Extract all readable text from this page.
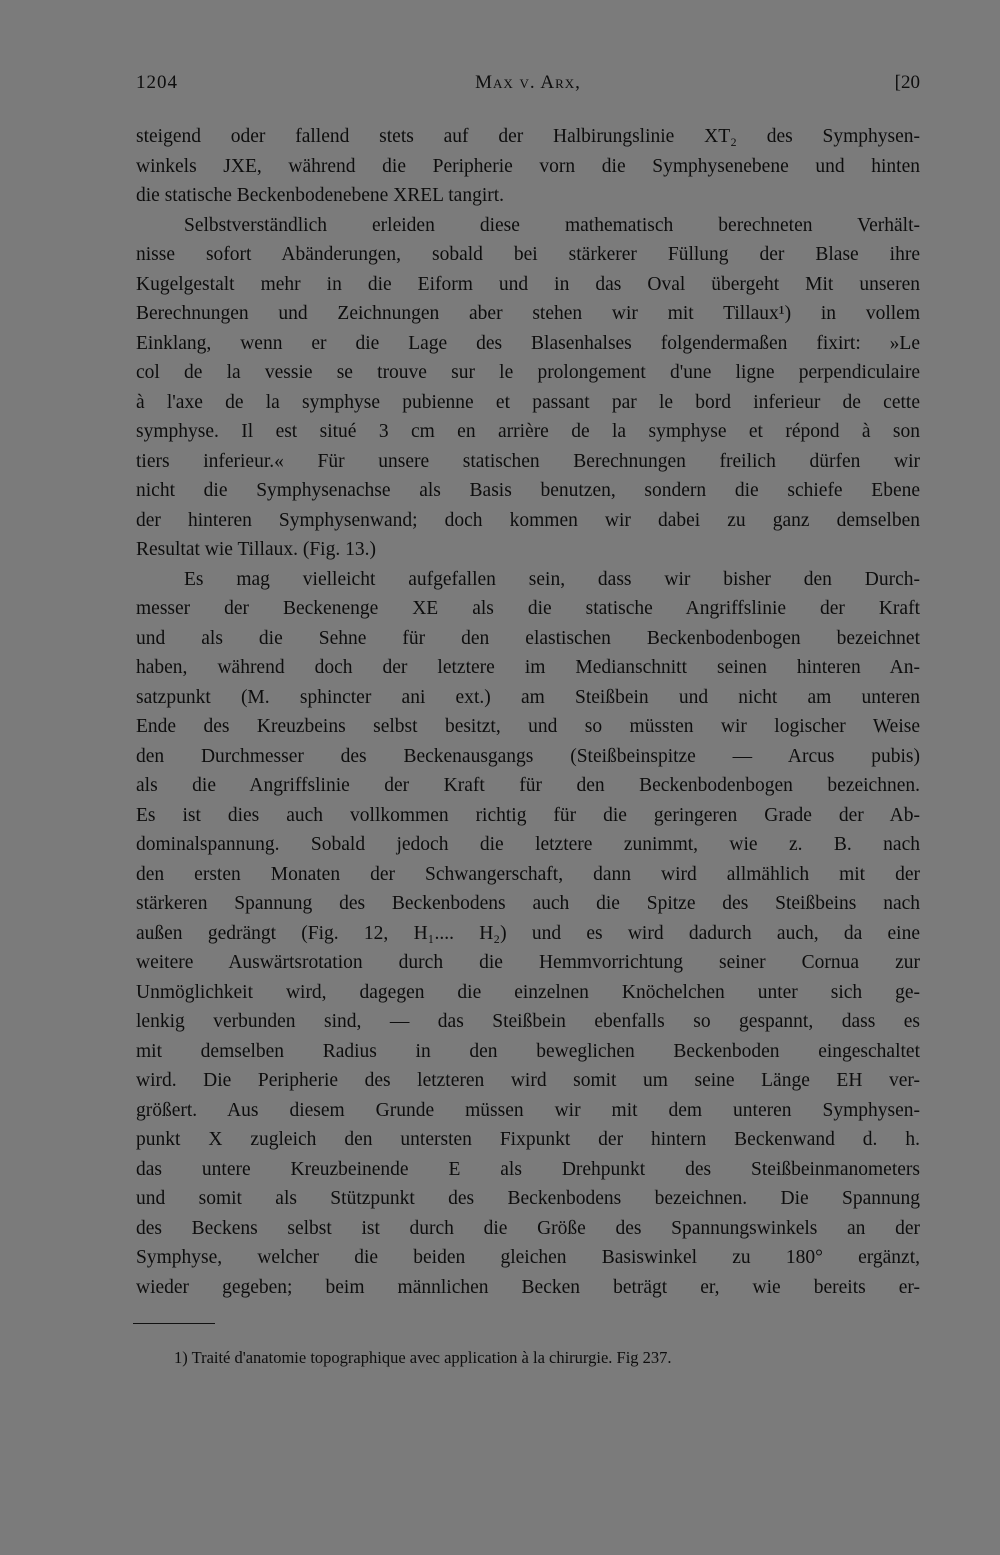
1204	Max v. Arx,	[20
steigend oder fallend stets auf der Halbirungslinie XT₂ des Symphysen-
winkels JXE, während die Peripherie vorn die Symphysenebene und hinten
die statische Beckenbodenebene XREL tangirt.
Selbstverständlich erleiden diese mathematisch berechneten Verhält-
nisse sofort Abänderungen, sobald bei stärkerer Füllung der Blase ihre
Kugelgestalt mehr in die Eiform und in das Oval übergeht Mit unseren
Berechnungen und Zeichnungen aber stehen wir mit Tillaux¹) in vollem
Einklang, wenn er die Lage des Blasenhalses folgendermaßen fixirt: »Le
col de la vessie se trouve sur le prolongement d'une ligne perpendiculaire
à l'axe de la symphyse pubienne et passant par le bord inferieur de cette
symphyse. Il est situé 3 cm en arrière de la symphyse et répond à son
tiers inferieur.« Für unsere statischen Berechnungen freilich dürfen wir
nicht die Symphysenachse als Basis benutzen, sondern die schiefe Ebene
der hinteren Symphysenwand; doch kommen wir dabei zu ganz demselben
Resultat wie Tillaux. (Fig. 13.)
Es mag vielleicht aufgefallen sein, dass wir bisher den Durch-
messer der Beckenenge XE als die statische Angriffslinie der Kraft
und als die Sehne für den elastischen Beckenbodenbogen bezeichnet
haben, während doch der letztere im Medianschnitt seinen hinteren An-
satzpunkt (M. sphincter ani ext.) am Steißbein und nicht am unteren
Ende des Kreuzbeins selbst besitzt, und so müssten wir logischer Weise
den Durchmesser des Beckenausgangs (Steißbeinspitze — Arcus pubis)
als die Angriffslinie der Kraft für den Beckenbodenbogen bezeichnen.
Es ist dies auch vollkommen richtig für die geringeren Grade der Ab-
dominalspannung. Sobald jedoch die letztere zunimmt, wie z. B. nach
den ersten Monaten der Schwangerschaft, dann wird allmählich mit der
stärkeren Spannung des Beckenbodens auch die Spitze des Steißbeins nach
außen gedrängt (Fig. 12, H₁.... H₂) und es wird dadurch auch, da eine
weitere Auswärtsrotation durch die Hemmvorrichtung seiner Cornua zur
Unmöglichkeit wird, dagegen die einzelnen Knöchelchen unter sich ge-
lenkig verbunden sind, — das Steißbein ebenfalls so gespannt, dass es
mit demselben Radius in den beweglichen Beckenboden eingeschaltet
wird. Die Peripherie des letzteren wird somit um seine Länge EH ver-
größert. Aus diesem Grunde müssen wir mit dem unteren Symphysen-
punkt X zugleich den untersten Fixpunkt der hintern Beckenwand d. h.
das untere Kreuzbeinende E als Drehpunkt des Steißbeinmanometers
und somit als Stützpunkt des Beckenbodens bezeichnen. Die Spannung
des Beckens selbst ist durch die Größe des Spannungswinkels an der
Symphyse, welcher die beiden gleichen Basiswinkel zu 180° ergänzt,
wieder gegeben; beim männlichen Becken beträgt er, wie bereits er-
1) Traité d'anatomie topographique avec application à la chirurgie. Fig 237.
